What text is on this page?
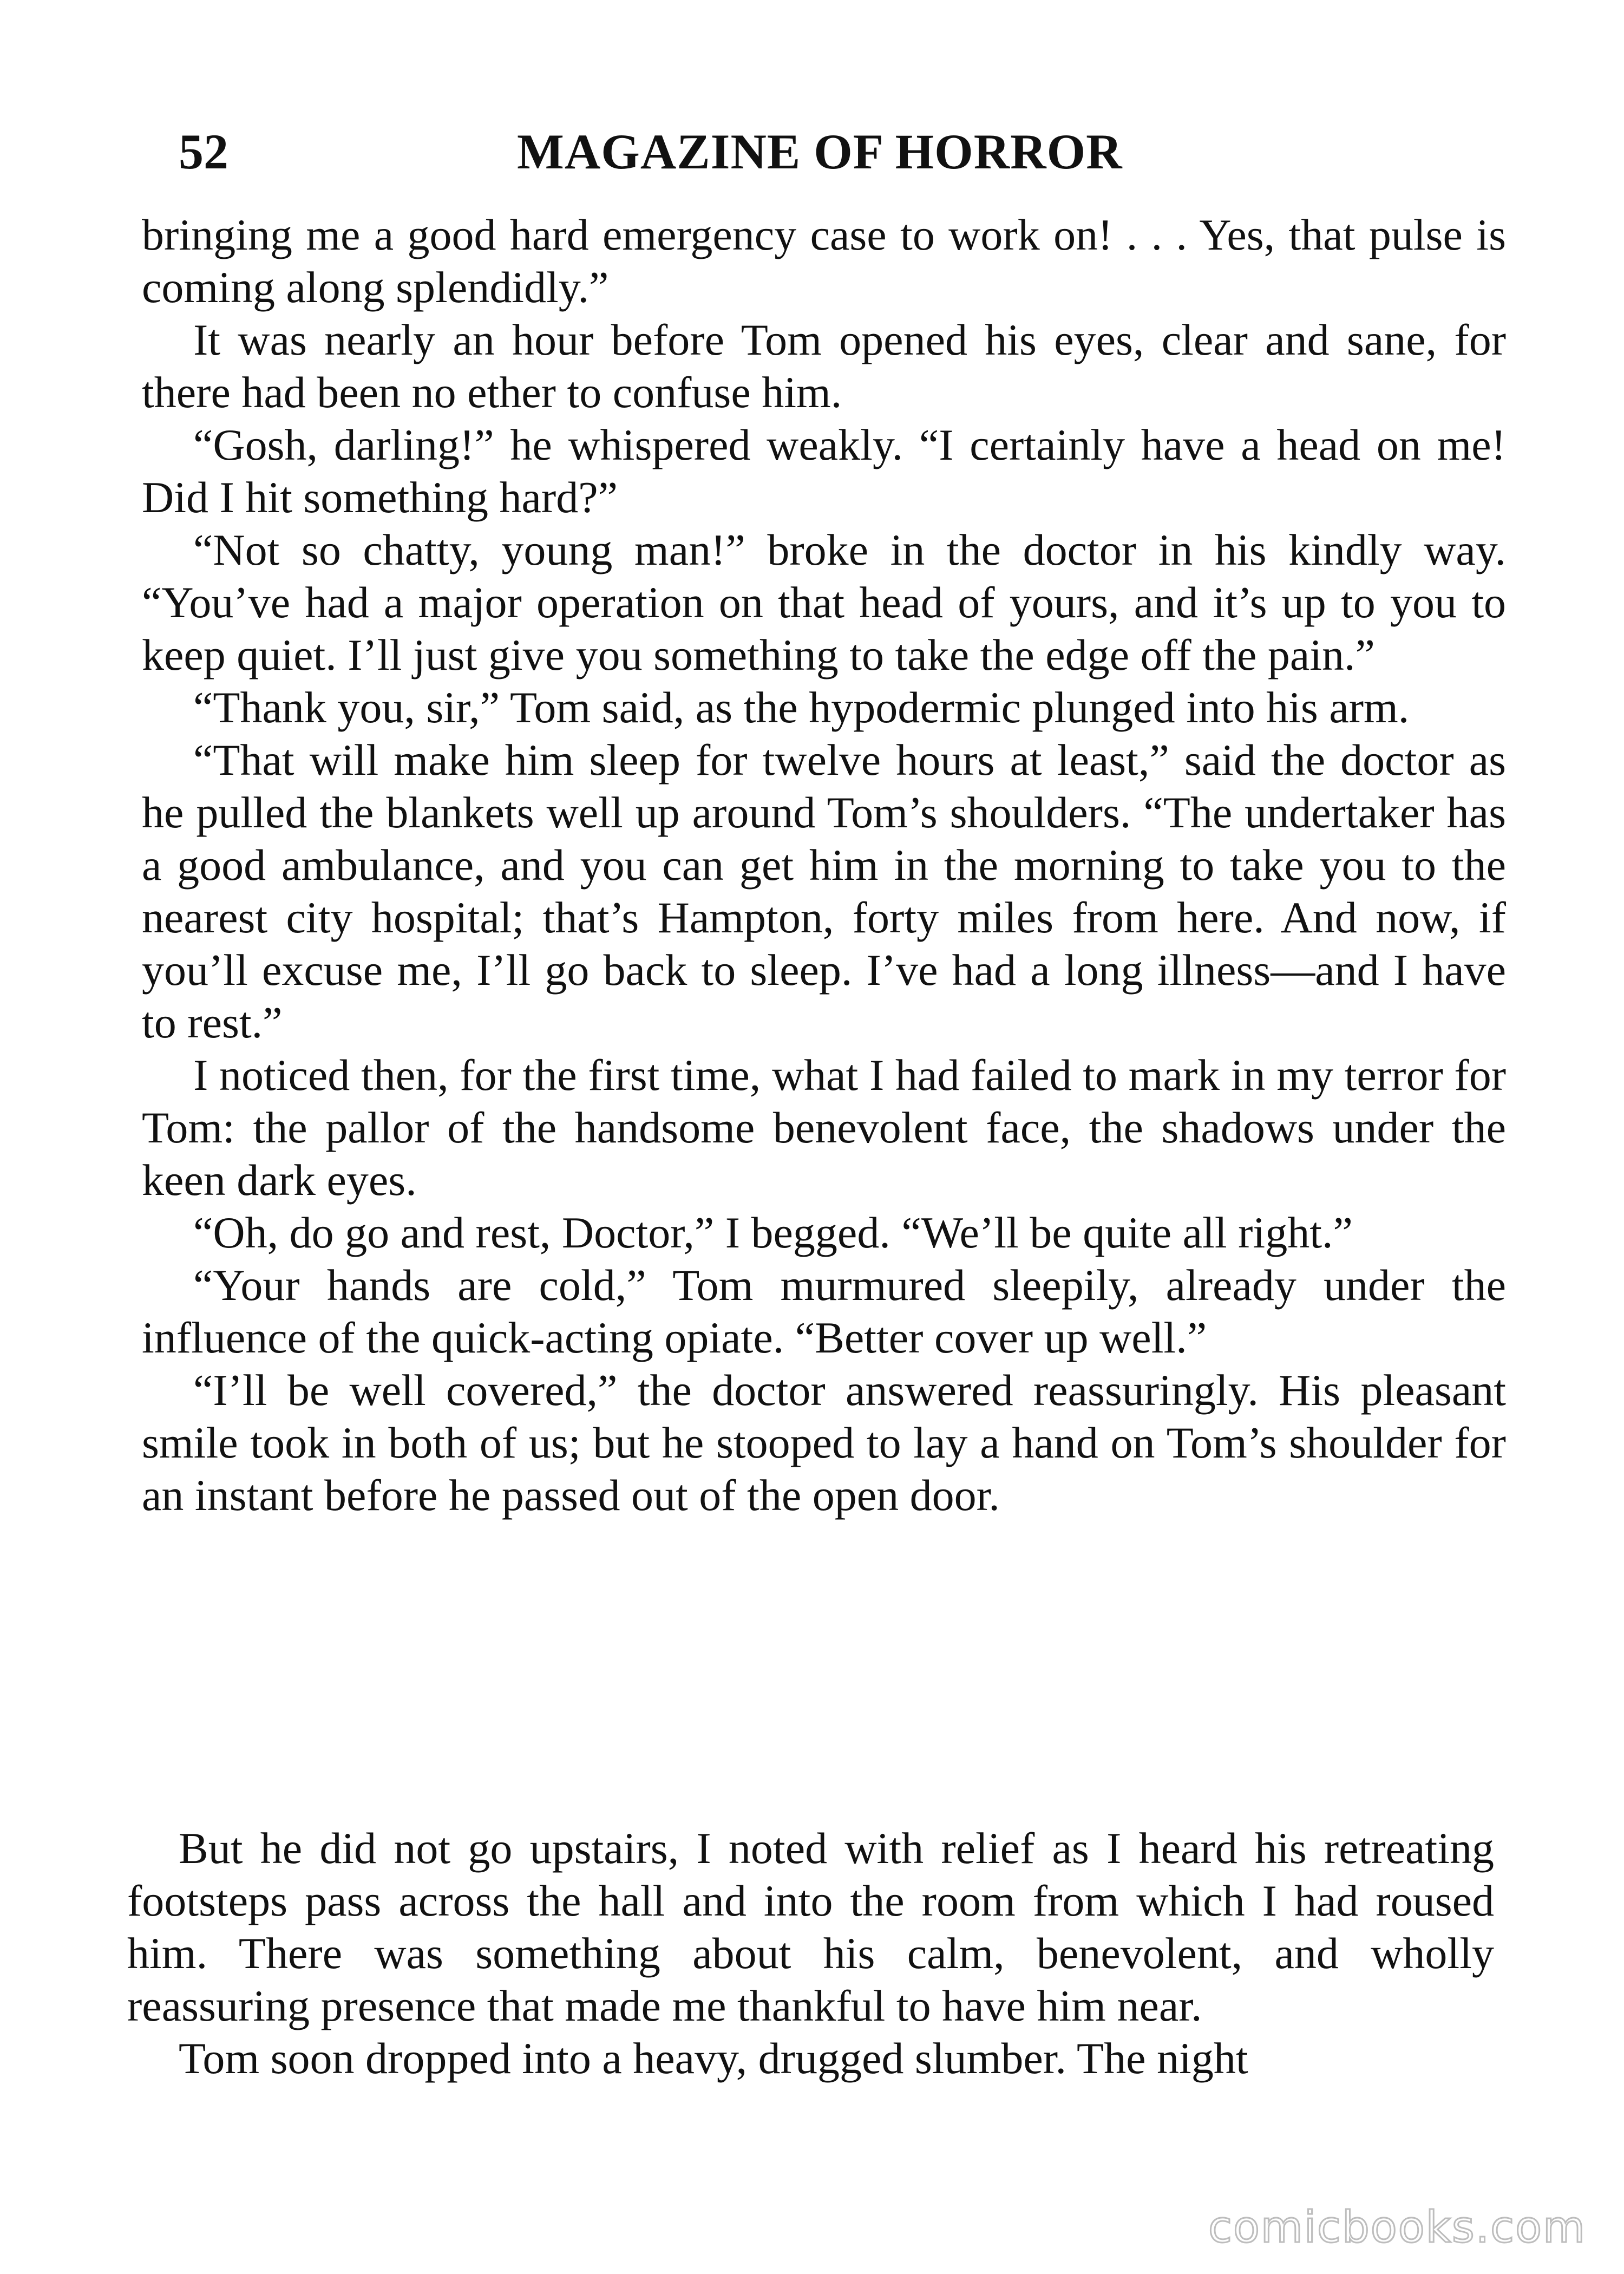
52	MAGAZINE OF HORROR

bringing me a good hard emergency case to work on! . . . Yes, that pulse is coming along splendidly.”

It was nearly an hour before Tom opened his eyes, clear and sane, for there had been no ether to confuse him.

“Gosh, darling!” he whispered weakly. “I certainly have a head on me! Did I hit something hard?”

“Not so chatty, young man!” broke in the doctor in his kindly way. “You’ve had a major operation on that head of yours, and it’s up to you to keep quiet. I’ll just give you something to take the edge off the pain.”

“Thank you, sir,” Tom said, as the hypodermic plunged into his arm.

“That will make him sleep for twelve hours at least,” said the doctor as he pulled the blankets well up around Tom’s shoulders. “The undertaker has a good ambulance, and you can get him in the morning to take you to the nearest city hospital; that’s Hampton, forty miles from here. And now, if you’ll excuse me, I’ll go back to sleep. I’ve had a long illness—and I have to rest.”

I noticed then, for the first time, what I had failed to mark in my terror for Tom: the pallor of the handsome benevolent face, the shadows under the keen dark eyes.

“Oh, do go and rest, Doctor,” I begged. “We’ll be quite all right.”

“Your hands are cold,” Tom murmured sleepily, already under the influence of the quick-acting opiate. “Better cover up well.”

“I’ll be well covered,” the doctor answered reassuringly. His pleasant smile took in both of us; but he stooped to lay a hand on Tom’s shoulder for an instant before he passed out of the open door.

But he did not go upstairs, I noted with relief as I heard his retreating footsteps pass across the hall and into the room from which I had roused him. There was something about his calm, benevolent, and wholly reassuring presence that made me thankful to have him near.

Tom soon dropped into a heavy, drugged slumber. The night

comicbooks.com
